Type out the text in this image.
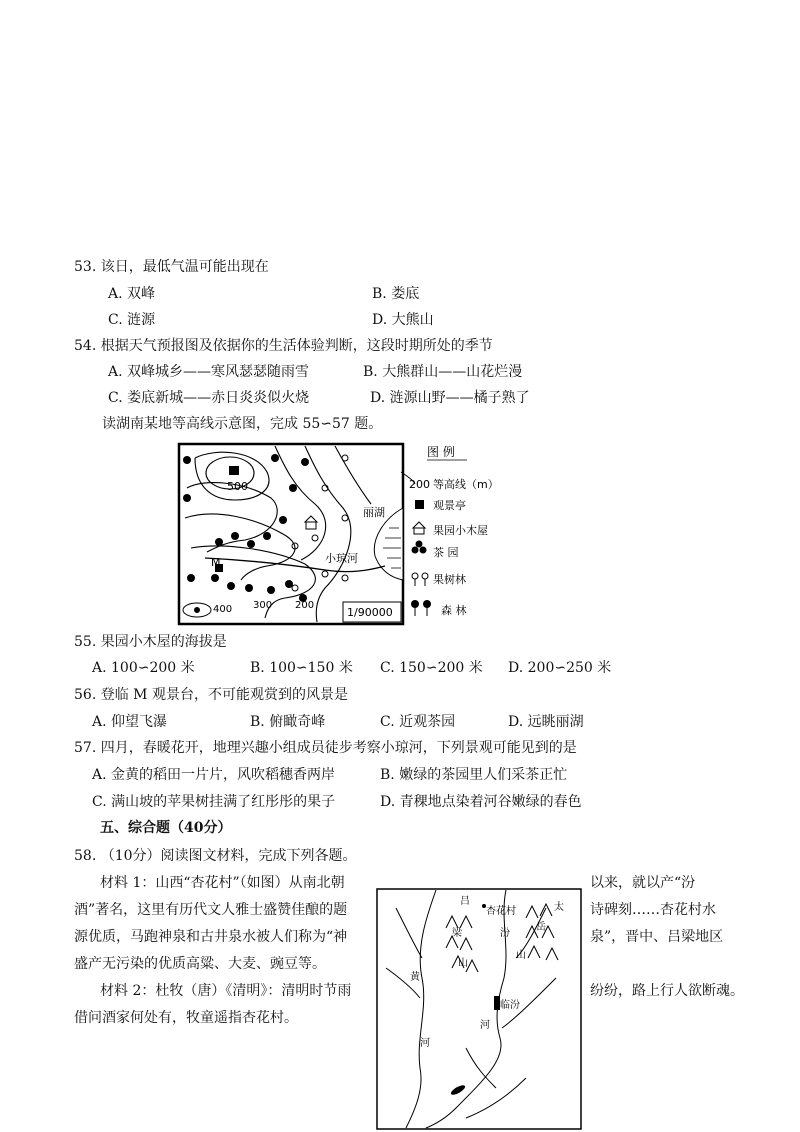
53. 该日，最低气温可能出现在
A. 双峰	B. 娄底
C. 涟源	D. 大熊山
54. 根据天气预报图及依据你的生活体验判断，这段时期所处的季节
A. 双峰城乡——寒风瑟瑟随雨雪	B. 大熊群山——山花烂漫
C. 娄底新城——赤日炎炎似火烧	D. 涟源山野——橘子熟了
读湖南某地等高线示意图，完成 55∽57 题。
1/90000
500
丽湖
小琼河
M
400 300 200
图 例
200 等高线（m）
观景亭
果园小木屋
茶 园
果树林
森 林
55. 果园小木屋的海拔是
A. 100∽200 米	B. 100∽150 米 C. 150∽200 米 D. 200∽250 米
56. 登临 M 观景台，不可能观赏到的风景是
A. 仰望飞瀑	B. 俯瞰奇峰	C. 近观茶园	D. 远眺丽湖
57. 四月，春暖花开，地理兴趣小组成员徒步考察小琼河，下列景观可能见到的是
A. 金黄的稻田一片片，风吹稻穗香两岸	B. 嫩绿的茶园里人们采茶正忙
C. 满山坡的苹果树挂满了红彤彤的果子	D. 青稞地点染着河谷嫩绿的春色
五、综合题（40分）
58. （10分）阅读图文材料，完成下列各题。
材料 1：山西“杏花村”（如图）从南北朝	以来，就以产“汾
酒”著名，这里有历代文人雅士盛赞佳酿的题	诗碑刻……杏花村水
源优质，马跑神泉和古井泉水被人们称为“神	泉”，晋中、吕梁地区
盛产无污染的优质高粱、大麦、豌豆等。
材料 2：杜牧（唐）《清明》：清明时节雨	纷纷，路上行人欲断魂。
借问酒家何处有，牧童遥指杏花村。
吕
杏花村
梁
山
汾
太
岳
山
黄
临汾
河
河
